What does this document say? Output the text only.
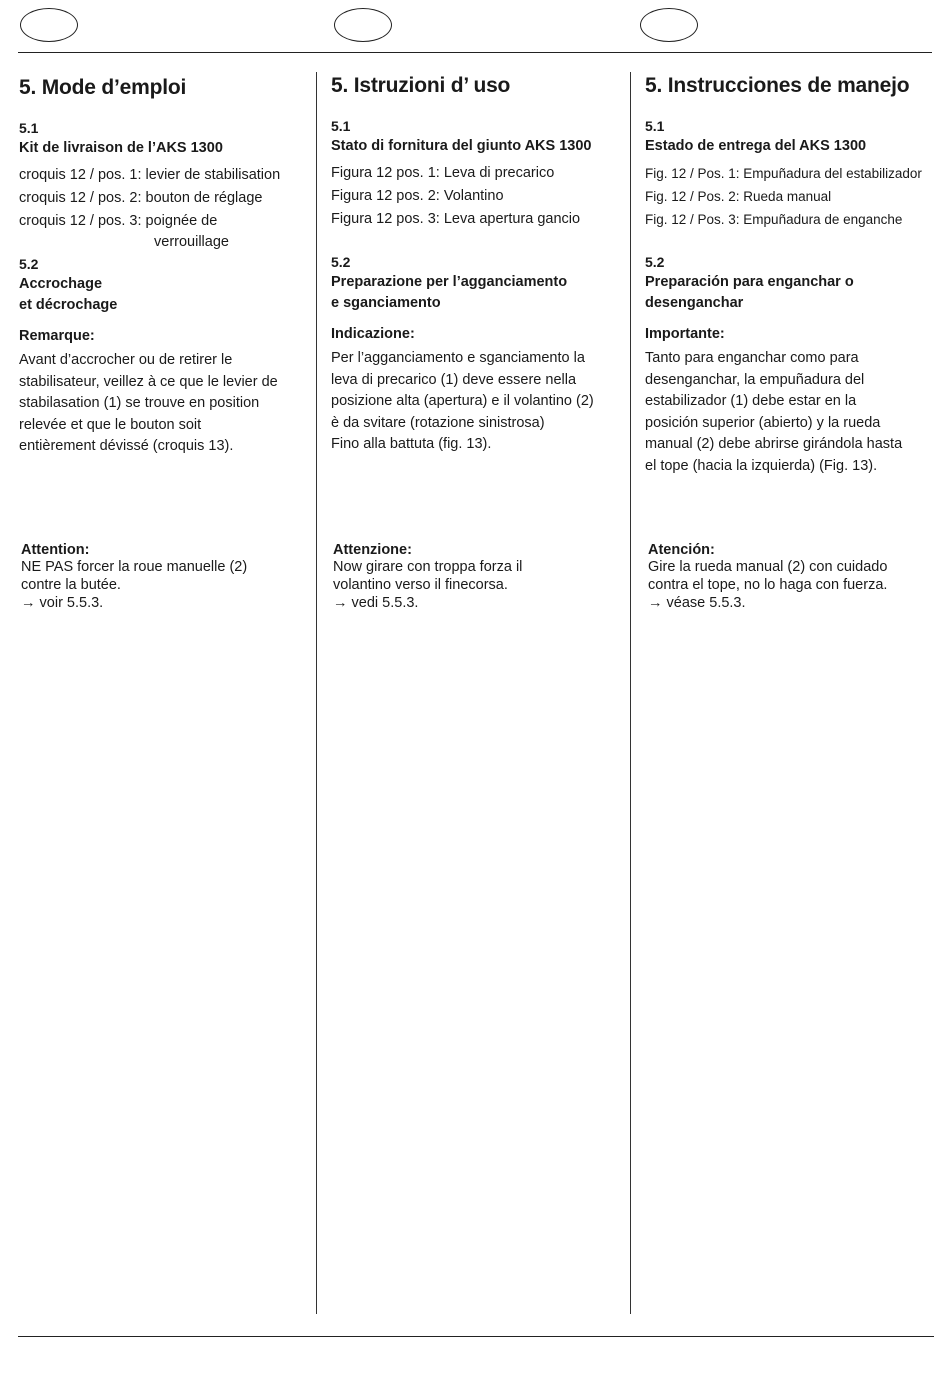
5. Mode d’emploi

5.1

Kit de livraison de l’AKS 1300

croquis 12 / pos. 1: levier de stabilisation

croquis 12 / pos. 2: bouton de réglage

croquis 12 / pos. 3: poignée de

verrouillage

5.2

Accrochage

et décrochage

Remarque:

Avant d’accrocher ou de retirer le

stabilisateur, veillez à ce que le levier de

stabilasation (1) se trouve en position

relevée et que le bouton soit

entièrement dévissé (croquis 13).

Attention:

NE PAS forcer la roue manuelle (2)

contre la butée.

→ voir 5.5.3.

5. Istruzioni d’ uso

5.1

Stato di fornitura del giunto AKS 1300

Figura 12 pos. 1: Leva di precarico

Figura 12 pos. 2: Volantino

Figura 12 pos. 3: Leva apertura gancio

5.2

Preparazione per l’agganciamento

e sganciamento

Indicazione:

Per l’agganciamento e sganciamento la

leva di precarico (1) deve essere nella

posizione alta (apertura) e il volantino (2)

è da svitare (rotazione sinistrosa)

Fino alla battuta (fig. 13).

Attenzione:

Now girare con troppa forza il

volantino verso il finecorsa.

→ vedi 5.5.3.

5. Instrucciones de manejo

5.1

Estado de entrega del AKS 1300

Fig. 12 / Pos. 1: Empuñadura del estabilizador

Fig. 12 / Pos. 2: Rueda manual

Fig. 12 / Pos. 3: Empuñadura de enganche

5.2

Preparación para enganchar o

desenganchar

Importante:

Tanto para enganchar como para

desenganchar, la empuñadura del

estabilizador (1) debe estar en la

posición superior (abierto) y la rueda

manual (2) debe abrirse girándola hasta

el tope (hacia la izquierda) (Fig. 13).

Atención:

Gire la rueda manual (2) con cuidado

contra el tope, no lo haga con fuerza.

→ véase 5.5.3.
